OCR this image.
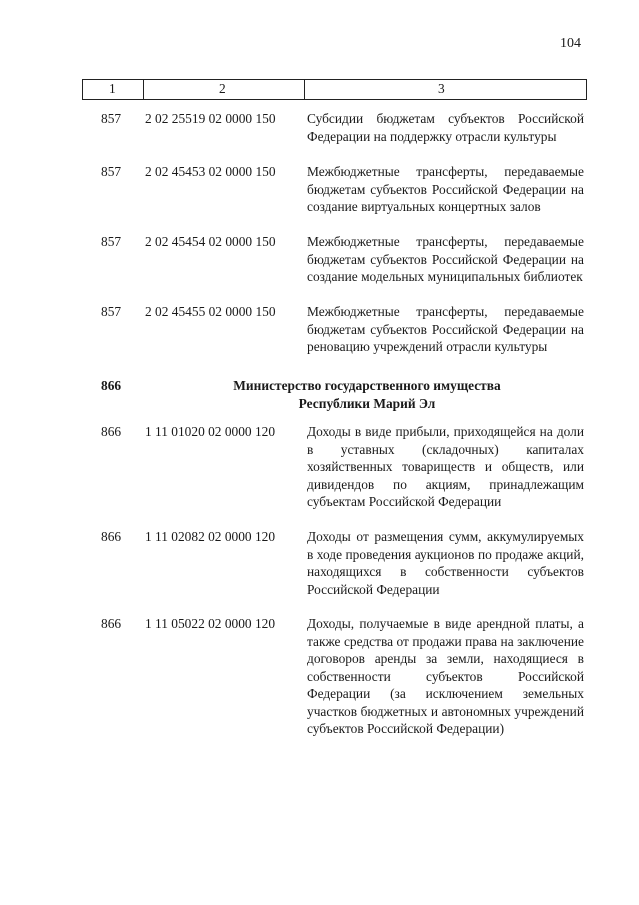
104
1	2	3
857	2 02 25519 02 0000 150	Субсидии бюджетам субъектов Российской Федерации на поддержку отрасли культуры
857	2 02 45453 02 0000 150	Межбюджетные трансферты, передаваемые бюджетам субъектов Российской Федерации на создание виртуальных концертных залов
857	2 02 45454 02 0000 150	Межбюджетные трансферты, передаваемые бюджетам субъектов Российской Федерации на создание модельных муниципальных библиотек
857	2 02 45455 02 0000 150	Межбюджетные трансферты, передаваемые бюджетам субъектов Российской Федерации на реновацию учреждений отрасли культуры
866	Министерство государственного имущества Республики Марий Эл
866	1 11 01020 02 0000 120	Доходы в виде прибыли, приходящейся на доли в уставных (складочных) капиталах хозяйственных товариществ и обществ, или дивидендов по акциям, принадлежащим субъектам Российской Федерации
866	1 11 02082 02 0000 120	Доходы от размещения сумм, аккумулируемых в ходе проведения аукционов по продаже акций, находящихся в собственности субъектов Российской Федерации
866	1 11 05022 02 0000 120	Доходы, получаемые в виде арендной платы, а также средства от продажи права на заключение договоров аренды за земли, находящиеся в собственности субъектов Российской Федерации (за исключением земельных участков бюджетных и автономных учреждений субъектов Российской Федерации)
